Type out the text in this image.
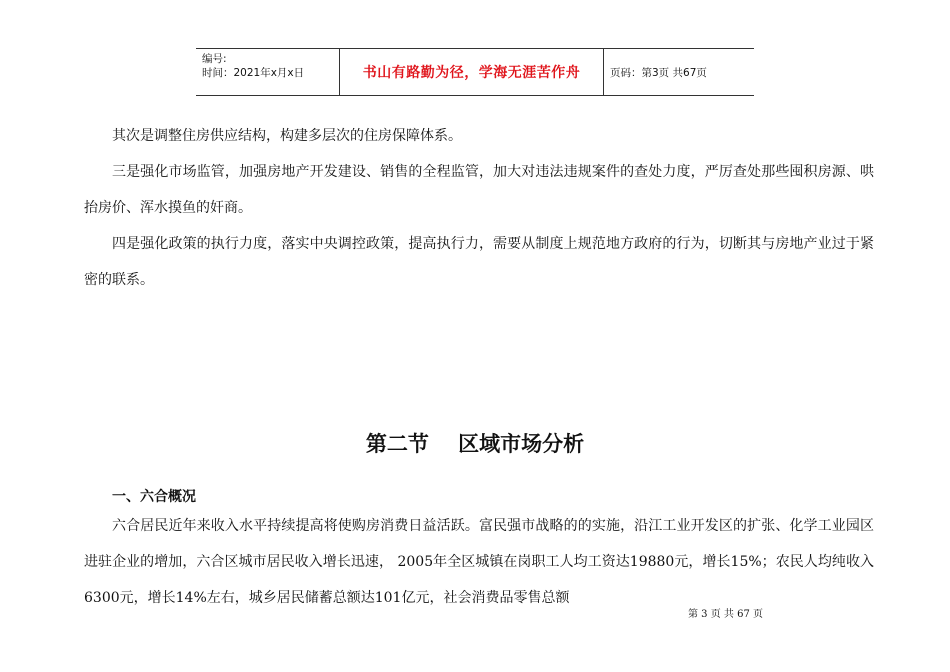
编号:
时间：2021年x月x日	书山有路勤为径，学海无涯苦作舟	页码：第3页 共67页
其次是调整住房供应结构，构建多层次的住房保障体系。
三是强化市场监管，加强房地产开发建设、销售的全程监管，加大对违法违规案件的查处力度，严厉查处那些囤积房源、哄抬房价、浑水摸鱼的奸商。
四是强化政策的执行力度，落实中央调控政策，提高执行力，需要从制度上规范地方政府的行为，切断其与房地产业过于紧密的联系。
第二节    区域市场分析
一、六合概况
六合居民近年来收入水平持续提高将使购房消费日益活跃。富民强市战略的的实施，沿江工业开发区的扩张、化学工业园区进驻企业的增加，六合区城市居民收入增长迅速， 2005年全区城镇在岗职工人均工资达19880元，增长15%；农民人均纯收入6300元，增长14%左右，城乡居民储蓄总额达101亿元，社会消费品零售总额
第 3 页 共 67 页
